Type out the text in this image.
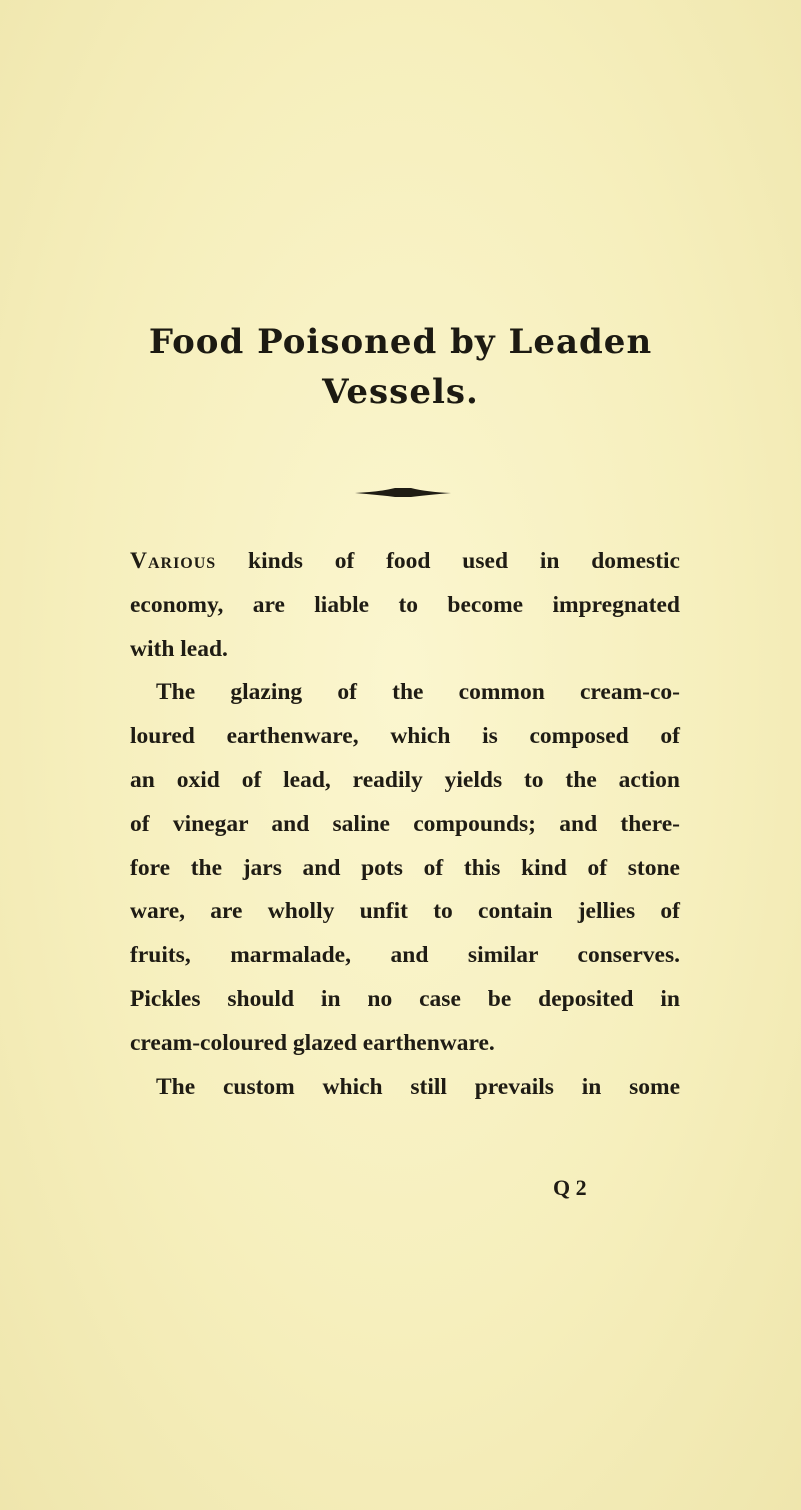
Food Poisoned by Leaden
Vessels.
Various kinds of food used in domestic
economy, are liable to become impregnated
with lead.
The glazing of the common cream-co-
loured earthenware, which is composed of
an oxid of lead, readily yields to the action
of vinegar and saline compounds; and there-
fore the jars and pots of this kind of stone
ware, are wholly unfit to contain jellies of
fruits, marmalade, and similar conserves.
Pickles should in no case be deposited in
cream-coloured glazed earthenware.
The custom which still prevails in some
Q 2
